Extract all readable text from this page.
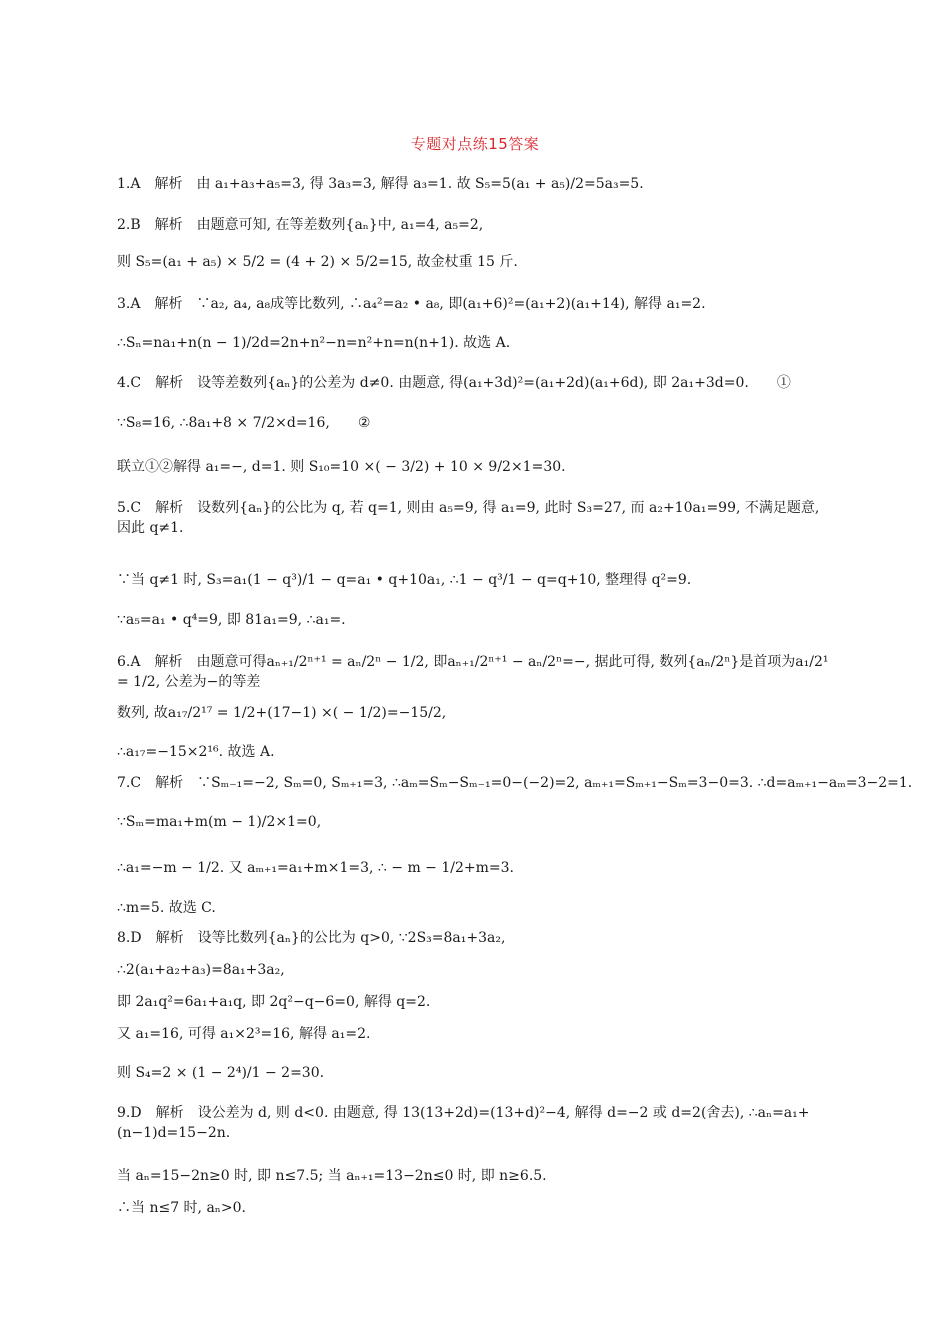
专题对点练15答案
1.A　解析　由 a₁+a₃+a₅=3, 得 3a₃=3, 解得 a₃=1. 故 S₅=5(a₁ + a₅)/2=5a₃=5.
2.B　解析　由题意可知, 在等差数列{aₙ}中, a₁=4, a₅=2,
则 S₅=(a₁ + a₅) × 5/2 = (4 + 2) × 5/2=15, 故金杖重 15 斤.
3.A　解析　∵a₂, a₄, a₈成等比数列, ∴a₄²=a₂ • a₈, 即(a₁+6)²=(a₁+2)(a₁+14), 解得 a₁=2.
∴Sₙ=na₁+n(n − 1)/2d=2n+n²−n=n²+n=n(n+1). 故选 A.
4.C　解析　设等差数列{aₙ}的公差为 d≠0. 由题意, 得(a₁+3d)²=(a₁+2d)(a₁+6d), 即 2a₁+3d=0.　　①
∵S₈=16, ∴8a₁+8 × 7/2×d=16,　　②
联立①②解得 a₁=−, d=1. 则 S₁₀=10 ×( − 3/2) + 10 × 9/2×1=30.
5.C　解析　设数列{aₙ}的公比为 q, 若 q=1, 则由 a₅=9, 得 a₁=9, 此时 S₃=27, 而 a₂+10a₁=99, 不满足题意, 因此 q≠1.
∵当 q≠1 时, S₃=a₁(1 − q³)/1 − q=a₁ • q+10a₁, ∴1 − q³/1 − q=q+10, 整理得 q²=9.
∵a₅=a₁ • q⁴=9, 即 81a₁=9, ∴a₁=.
6.A　解析　由题意可得aₙ₊₁/2ⁿ⁺¹ = aₙ/2ⁿ − 1/2, 即aₙ₊₁/2ⁿ⁺¹ − aₙ/2ⁿ=−, 据此可得, 数列{aₙ/2ⁿ}是首项为a₁/2¹ = 1/2, 公差为−的等差
数列, 故a₁₇/2¹⁷ = 1/2+(17−1) ×( − 1/2)=−15/2,
∴a₁₇=−15×2¹⁶. 故选 A.
7.C　解析　∵Sₘ₋₁=−2, Sₘ=0, Sₘ₊₁=3, ∴aₘ=Sₘ−Sₘ₋₁=0−(−2)=2, aₘ₊₁=Sₘ₊₁−Sₘ=3−0=3. ∴d=aₘ₊₁−aₘ=3−2=1.
∵Sₘ=ma₁+m(m − 1)/2×1=0,
∴a₁=−m − 1/2. 又 aₘ₊₁=a₁+m×1=3, ∴ − m − 1/2+m=3.
∴m=5. 故选 C.
8.D　解析　设等比数列{aₙ}的公比为 q>0, ∵2S₃=8a₁+3a₂,
∴2(a₁+a₂+a₃)=8a₁+3a₂,
即 2a₁q²=6a₁+a₁q, 即 2q²−q−6=0, 解得 q=2.
又 a₁=16, 可得 a₁×2³=16, 解得 a₁=2.
则 S₄=2 × (1 − 2⁴)/1 − 2=30.
9.D　解析　设公差为 d, 则 d<0. 由题意, 得 13(13+2d)=(13+d)²−4, 解得 d=−2 或 d=2(舍去), ∴aₙ=a₁+(n−1)d=15−2n.
当 aₙ=15−2n≥0 时, 即 n≤7.5; 当 aₙ₊₁=13−2n≤0 时, 即 n≥6.5.
∴当 n≤7 时, aₙ>0.
